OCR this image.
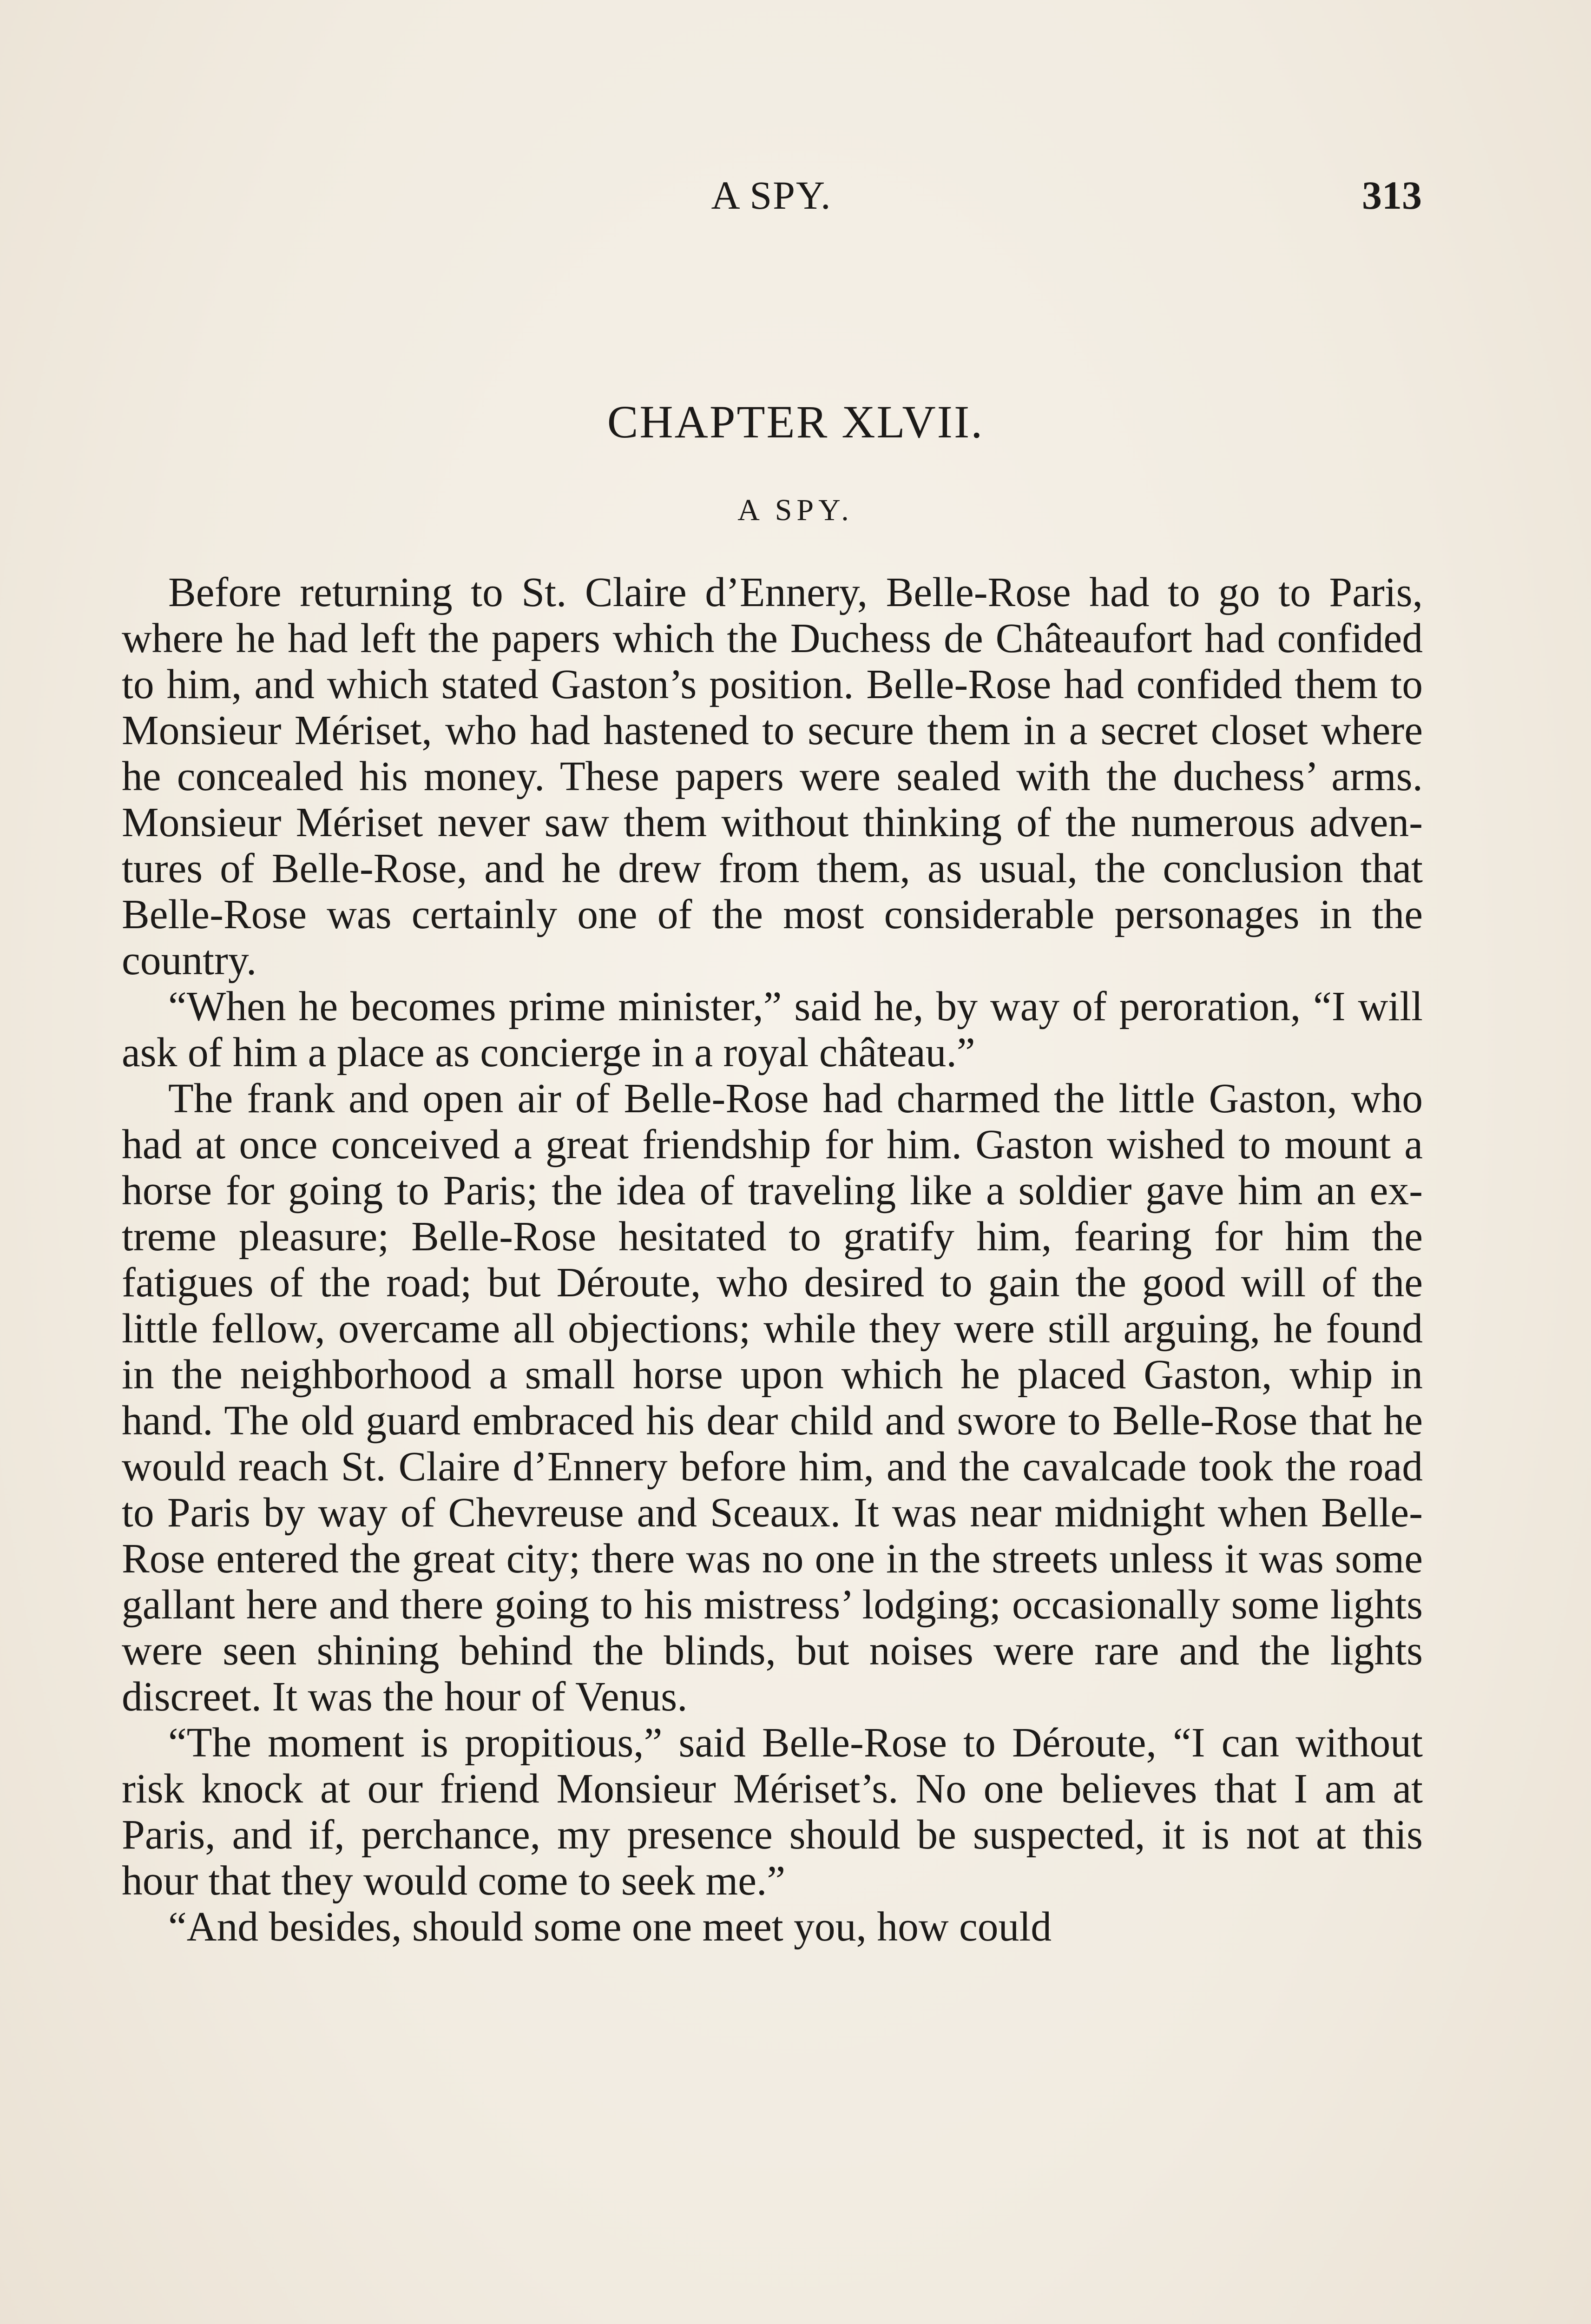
A SPY.	313
CHAPTER XLVII.
A SPY.

Before returning to St. Claire d’Ennery, Belle-Rose had to go to Paris, where he had left the papers which the Duchess de Châteaufort had confided to him, and which stated Gaston’s position. Belle-Rose had confided them to Monsieur Mériset, who had hastened to secure them in a secret closet where he concealed his money. These papers were sealed with the duchess’ arms. Monsieur Mériset never saw them without thinking of the numerous adventures of Belle-Rose, and he drew from them, as usual, the conclusion that Belle-Rose was certainly one of the most considerable personages in the country.

“When he becomes prime minister,” said he, by way of peroration, “I will ask of him a place as concierge in a royal château.”

The frank and open air of Belle-Rose had charmed the little Gaston, who had at once conceived a great friendship for him. Gaston wished to mount a horse for going to Paris; the idea of traveling like a soldier gave him an extreme pleasure; Belle-Rose hesitated to gratify him, fearing for him the fatigues of the road; but Déroute, who desired to gain the good will of the little fellow, overcame all objections; while they were still arguing, he found in the neighborhood a small horse upon which he placed Gaston, whip in hand. The old guard embraced his dear child and swore to Belle-Rose that he would reach St. Claire d’Ennery before him, and the cavalcade took the road to Paris by way of Chevreuse and Sceaux. It was near midnight when Belle-Rose entered the great city; there was no one in the streets unless it was some gallant here and there going to his mistress’ lodging; occasionally some lights were seen shining behind the blinds, but noises were rare and the lights discreet. It was the hour of Venus.

“The moment is propitious,” said Belle-Rose to Déroute, “I can without risk knock at our friend Monsieur Mériset’s. No one believes that I am at Paris, and if, perchance, my presence should be suspected, it is not at this hour that they would come to seek me.”

“And besides, should some one meet you, how could
